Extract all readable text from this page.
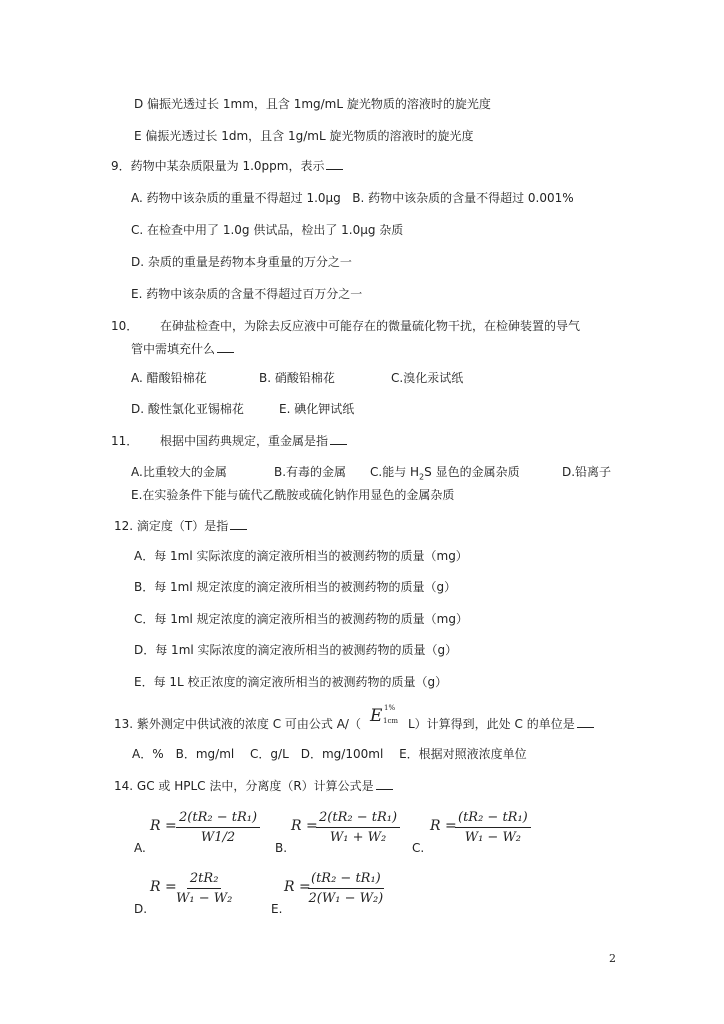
D 偏振光透过长 1mm，且含 1mg/mL 旋光物质的溶液时的旋光度
E 偏振光透过长 1dm，且含 1g/mL 旋光物质的溶液时的旋光度
9．药物中某杂质限量为 1.0ppm，表示
A. 药物中该杂质的重量不得超过 1.0μg B. 药物中该杂质的含量不得超过 0.001%
C. 在检查中用了 1.0g 供试品，检出了 1.0μg 杂质
D. 杂质的重量是药物本身重量的万分之一
E. 药物中该杂质的含量不得超过百万分之一
10． 在砷盐检查中，为除去反应液中可能存在的微量硫化物干扰，在检砷装置的导气
管中需填充什么
A. 醋酸铅棉花	B. 硝酸铅棉花	C.溴化汞试纸
D. 酸性氯化亚锡棉花	E. 碘化钾试纸
11． 根据中国药典规定，重金属是指
A.比重较大的金属	B.有毒的金属 C.能与 $H_2S$ 显色的金属杂质	D.铅离子
E.在实验条件下能与硫代乙酰胺或硫化钠作用显色的金属杂质
12. 滴定度（T）是指
A．每 1ml 实际浓度的滴定液所相当的被测药物的质量（mg）
B．每 1ml 规定浓度的滴定液所相当的被测药物的质量（g）
C．每 1ml 规定浓度的滴定液所相当的被测药物的质量（mg）
D．每 1ml 实际浓度的滴定液所相当的被测药物的质量（g）
E．每 1L 校正浓度的滴定液所相当的被测药物的质量（g）
13. 紫外测定中供试液的浓度 C 可由公式 A/（ E 1%
1cm L）计算得到，此处 C 的单位是
A．%　B．mg/ml　 C．g/L　D．mg/100ml　 E．根据对照液浓度单位
14. GC 或 HPLC 法中，分离度（R）计算公式是
$R = \frac{\text{2(tR₂ − tR₁)}}{W1/2}$
A.
R =
$\frac{\text{2(tR₂ − tR₁)}}{\text{W₁ + W₂}}$
B.
R =
$\frac{\text{(tR₂ − tR₁)}}{\text{W₁ − W₂}}$
C.
$R = \frac{\text{2tR₂}}{\text{W₁ − W₂}}$
D.
R =
$\frac{\text{(tR₂ − tR₁)}}{\text{2(W₁ − W₂)}}$
E.
2
